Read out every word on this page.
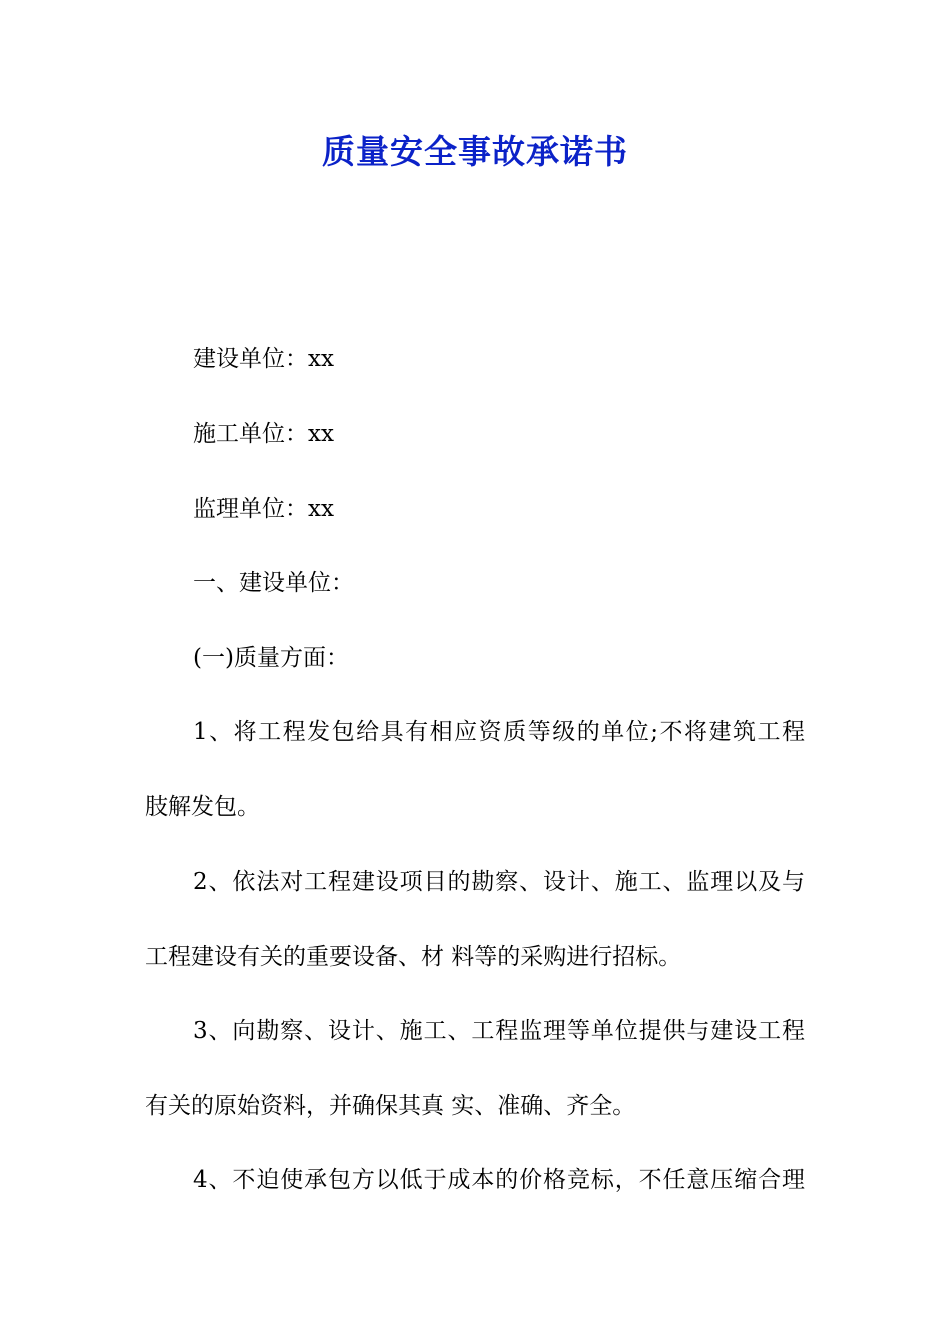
质量安全事故承诺书
建设单位：xx
施工单位：xx
监理单位：xx
一、建设单位：
(一)质量方面：
1、将工程发包给具有相应资质等级的单位;不将建筑工程
肢解发包。
2、依法对工程建设项目的勘察、设计、施工、监理以及与
工程建设有关的重要设备、材 料等的采购进行招标。
3、向勘察、设计、施工、工程监理等单位提供与建设工程
有关的原始资料，并确保其真 实、准确、齐全。
4、不迫使承包方以低于成本的价格竞标，不任意压缩合理
